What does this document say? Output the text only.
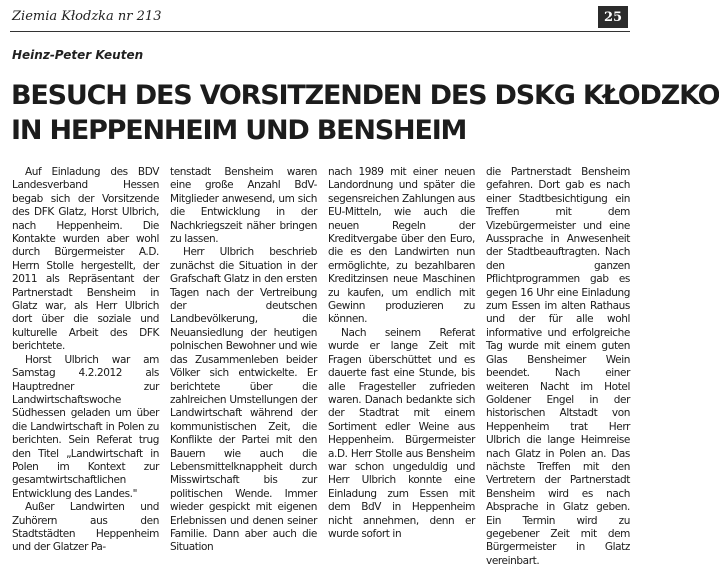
Ziemia Kłodzka nr 213	25
Heinz-Peter Keuten
BESUCH DES VORSITZENDEN DES DSKG KŁODZKO
IN HEPPENHEIM UND BENSHEIM

Auf Einladung des BDV Landesverband Hessen begab sich der Vorsitzende des DFK Glatz, Horst Ulbrich, nach Heppenheim. Die Kontakte wurden aber wohl durch Bürgermeister A.D. Herrn Stolle hergestellt, der 2011 als Repräsentant der Partnerstadt Bensheim in Glatz war, als Herr Ulbrich dort über die soziale und kulturelle Arbeit des DFK berichtete.

Horst Ulbrich war am Samstag 4.2.2012 als Hauptredner zur Landwirtschaftswoche Südhessen geladen um über die Landwirtschaft in Polen zu berichten. Sein Referat trug den Titel „Landwirtschaft in Polen im Kontext zur gesamtwirtschaftlichen Entwicklung des Landes."

Außer Landwirten und Zuhörern aus den Stadtstädten Heppenheim und der Glatzer Pa-

tenstadt Bensheim waren eine große Anzahl BdV-Mitglieder anwesend, um sich die Entwicklung in der Nachkriegszeit näher bringen zu lassen.

Herr Ulbrich beschrieb zunächst die Situation in der Grafschaft Glatz in den ersten Tagen nach der Vertreibung der deutschen Landbevölkerung, die Neuansiedlung der heutigen polnischen Bewohner und wie das Zusammenleben beider Völker sich entwickelte. Er berichtete über die zahlreichen Umstellungen der Landwirtschaft während der kommunistischen Zeit, die Konflikte der Partei mit den Bauern wie auch die Lebensmittelknappheit durch Misswirtschaft bis zur politischen Wende. Immer wieder gespickt mit eigenen Erlebnissen und denen seiner Familie. Dann aber auch die Situation

nach 1989 mit einer neuen Landordnung und später die segensreichen Zahlungen aus EU-Mitteln, wie auch die neuen Regeln der Kreditvergabe über den Euro, die es den Landwirten nun ermöglichte, zu bezahlbaren Kreditzinsen neue Maschinen zu kaufen, um endlich mit Gewinn produzieren zu können.

Nach seinem Referat wurde er lange Zeit mit Fragen überschüttet und es dauerte fast eine Stunde, bis alle Fragesteller zufrieden waren. Danach bedankte sich der Stadtrat mit einem Sortiment edler Weine aus Heppenheim. Bürgermeister a.D. Herr Stolle aus Bensheim war schon ungeduldig und Herr Ulbrich konnte eine Einladung zum Essen mit dem BdV in Heppenheim nicht annehmen, denn er wurde sofort in

die Partnerstadt Bensheim gefahren. Dort gab es nach einer Stadtbesichtigung ein Treffen mit dem Vizebürgermeister und eine Aussprache in Anwesenheit der Stadtbeauftragten. Nach den ganzen Pflichtprogrammen gab es gegen 16 Uhr eine Einladung zum Essen im alten Rathaus und der für alle wohl informative und erfolgreiche Tag wurde mit einem guten Glas Bensheimer Wein beendet. Nach einer weiteren Nacht im Hotel Goldener Engel in der historischen Altstadt von Heppenheim trat Herr Ulbrich die lange Heimreise nach Glatz in Polen an. Das nächste Treffen mit den Vertretern der Partnerstadt Bensheim wird es nach Absprache in Glatz geben. Ein Termin wird zu gegebener Zeit mit dem Bürgermeister in Glatz vereinbart.
